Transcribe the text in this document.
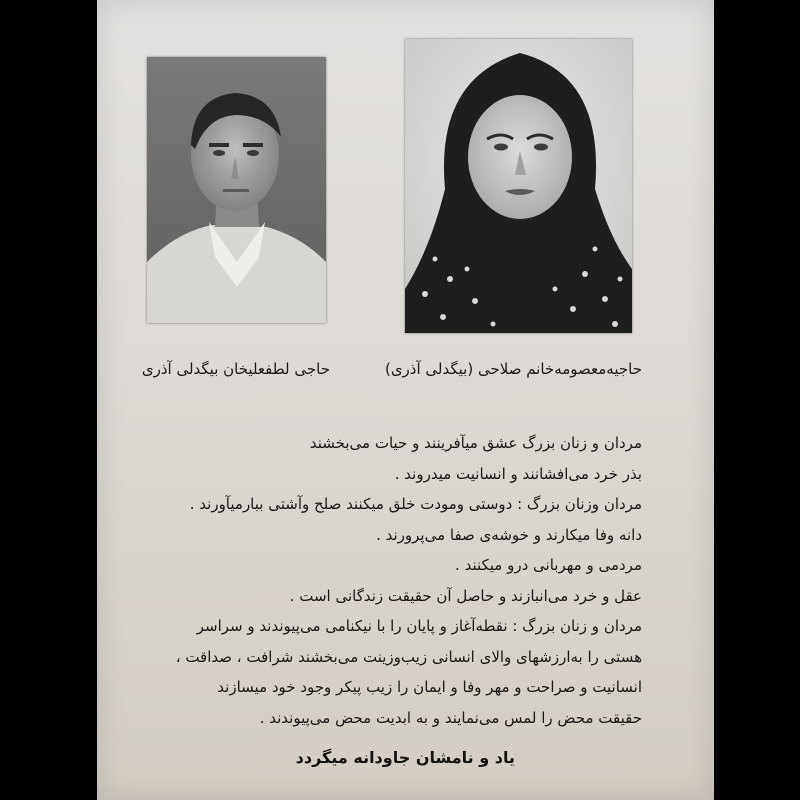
حاجی لطفعلیخان بیگدلی آذری	حاجیه‌معصومه‌خانم صلاحی (بیگدلی آذری)
مردان و زنان بزرگ عشق میآفرینند و حیات می‌بخشند
بذر خرد می‌افشانند و انسانیت میدروند .
مردان وزنان بزرگ : دوستی ومودت خلق میکنند صلح وآشتی ببارمیآورند .
دانه وفا میکارند و خوشه‌ی صفا می‌پرورند .
مردمی و مهربانی درو میکنند .
عقل و خرد می‌انبازند و حاصل آن حقیقت زندگانی است .
مردان و زنان بزرگ : نقطه‌آغاز و پایان را با نیکنامی می‌پیوندند و سراسر
هستی را به‌ارزشهای والای انسانی زیب‌وزینت می‌بخشند شرافت ، صداقت ،
انسانیت و صراحت و مهر وفا و ایمان را زیب پیکر وجود خود میسازند
حقیقت محض را لمس می‌نمایند و به ابدیت محض می‌پیوندند .
یاد و نامشان جاودانه میگردد
